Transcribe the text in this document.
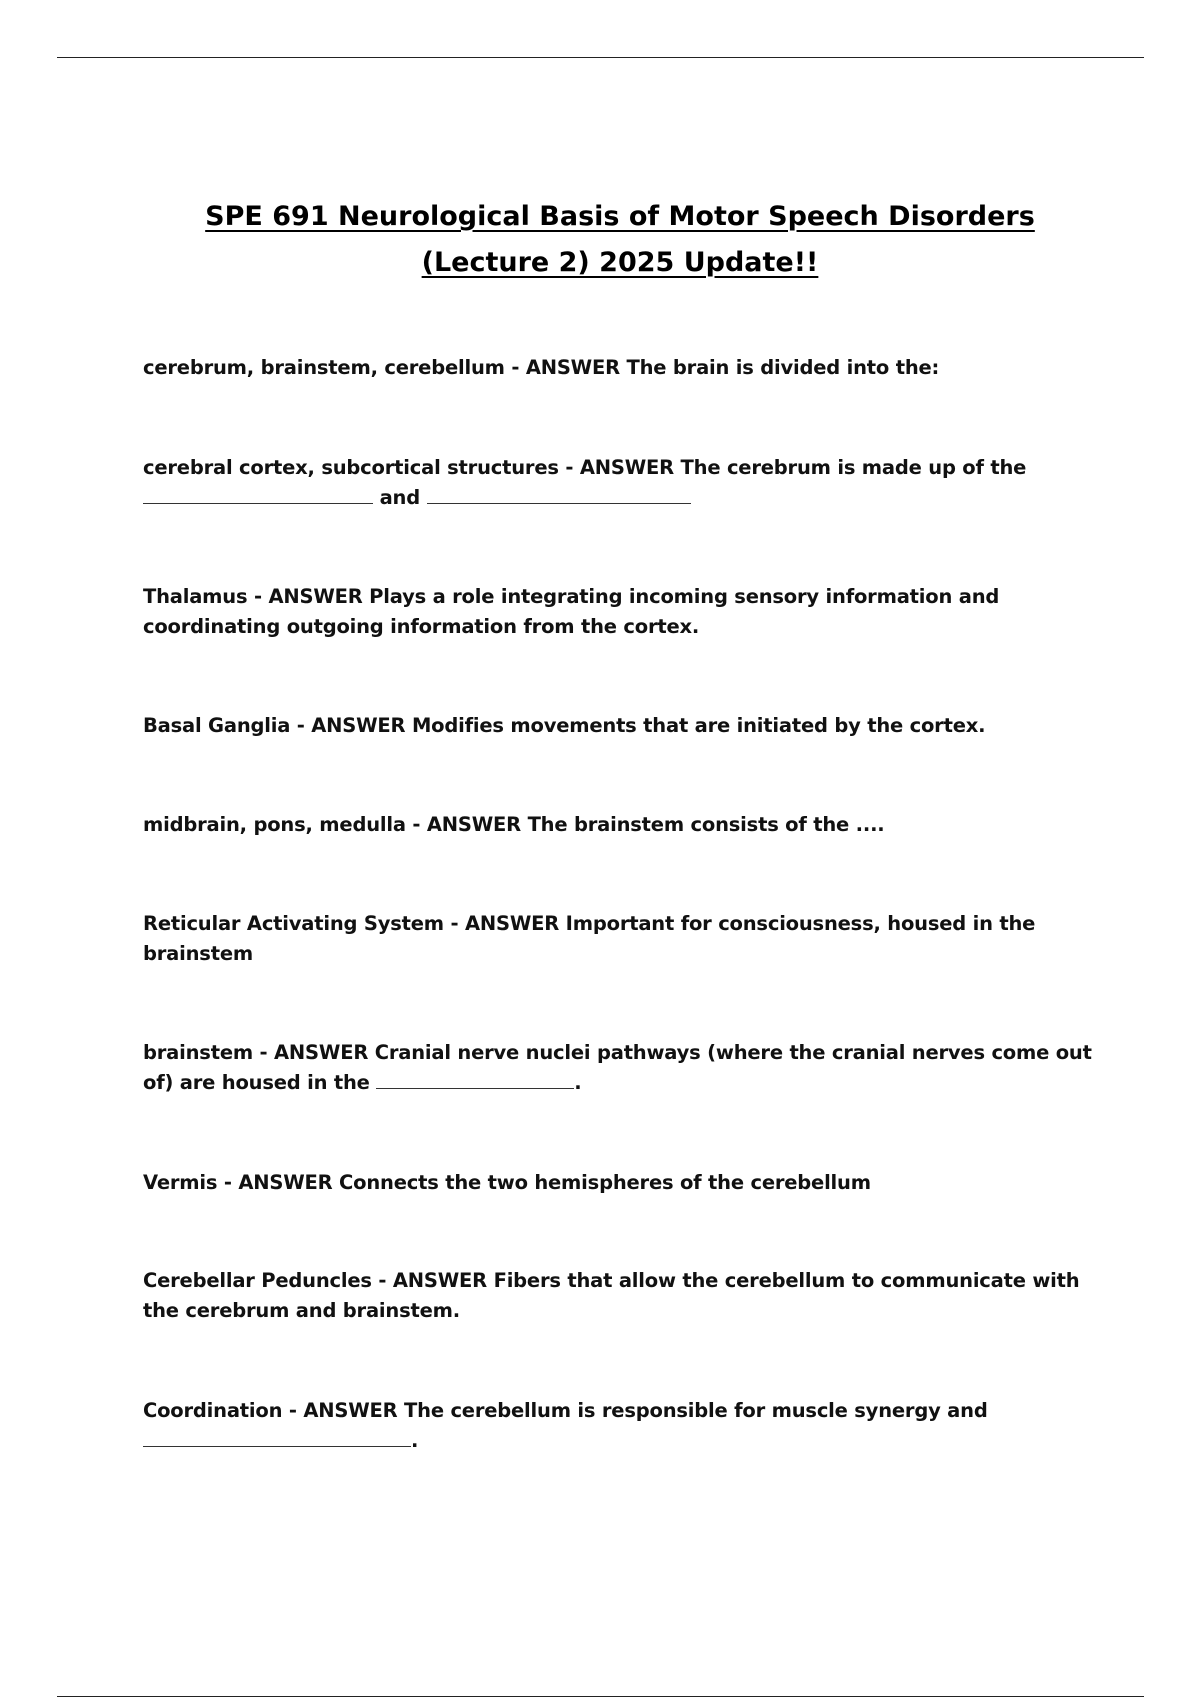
SPE 691 Neurological Basis of Motor Speech Disorders
(Lecture 2) 2025 Update!!
cerebrum, brainstem, cerebellum - ANSWER The brain is divided into the:
cerebral cortex, subcortical structures - ANSWER The cerebrum is made up of the
and
Thalamus - ANSWER Plays a role integrating incoming sensory information and coordinating outgoing information from the cortex.
Basal Ganglia - ANSWER Modifies movements that are initiated by the cortex.
midbrain, pons, medulla - ANSWER The brainstem consists of the ....
Reticular Activating System - ANSWER Important for consciousness, housed in the brainstem
brainstem - ANSWER Cranial nerve nuclei pathways (where the cranial nerves come out of) are housed in the	.
Vermis - ANSWER Connects the two hemispheres of the cerebellum
Cerebellar Peduncles - ANSWER Fibers that allow the cerebellum to communicate with the cerebrum and brainstem.
Coordination - ANSWER The cerebellum is responsible for muscle synergy and
.
